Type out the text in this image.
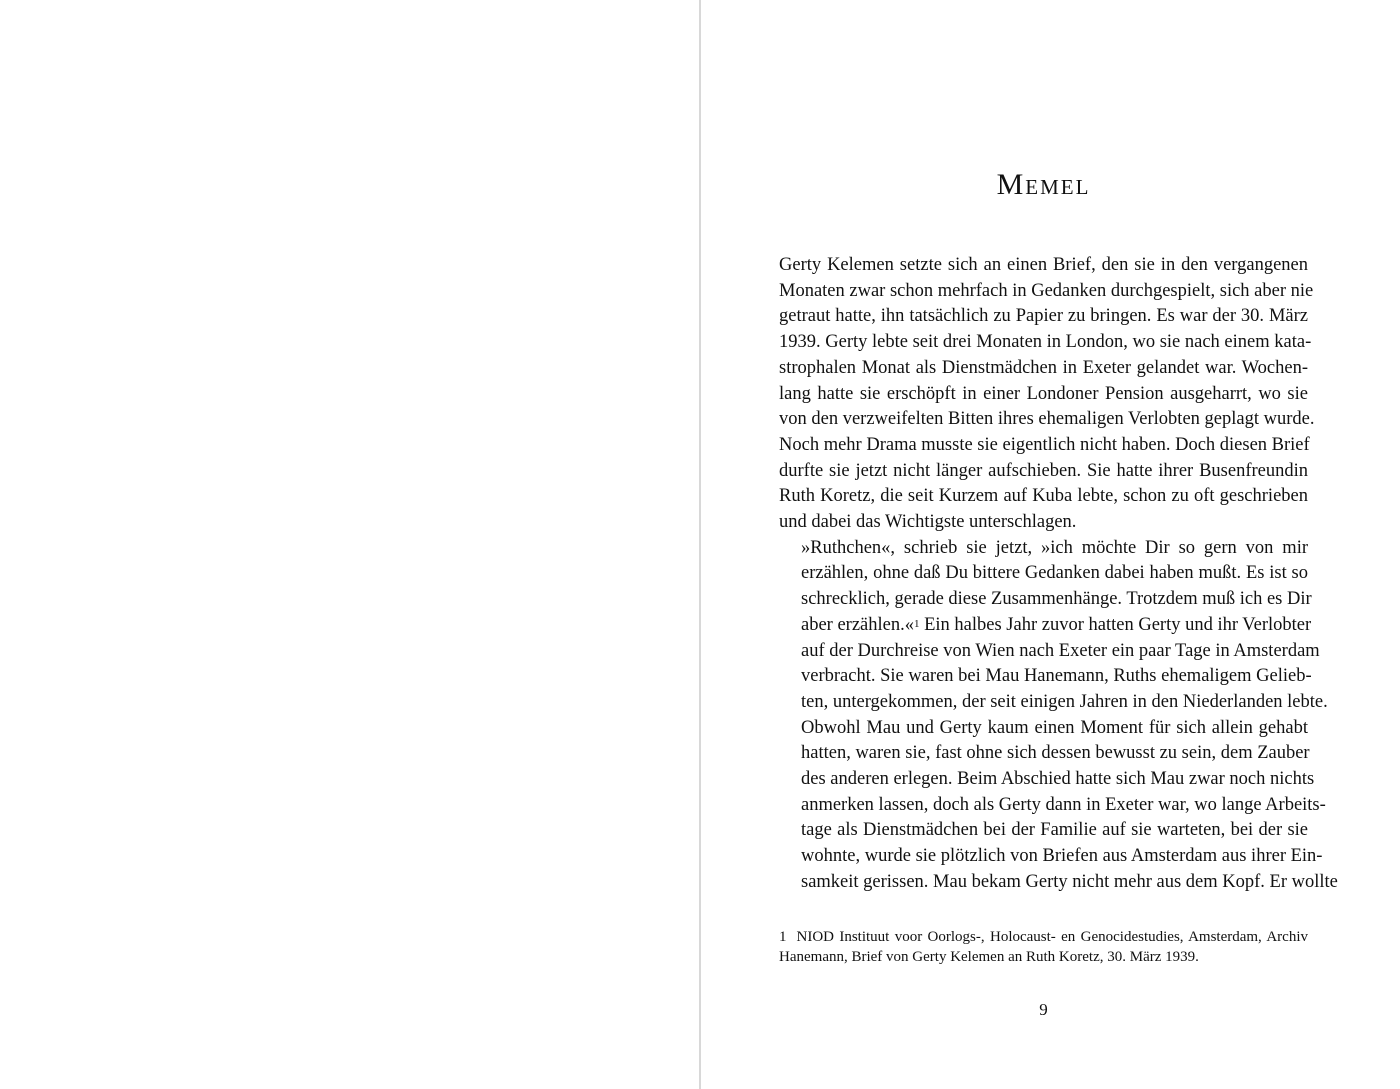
Memel

Gerty Kelemen setzte sich an einen Brief, den sie in den vergangenen
Monaten zwar schon mehrfach in Gedanken durchgespielt, sich aber nie
getraut hatte, ihn tatsächlich zu Papier zu bringen. Es war der 30. März
1939. Gerty lebte seit drei Monaten in London, wo sie nach einem kata-
strophalen Monat als Dienstmädchen in Exeter gelandet war. Wochen-
lang hatte sie erschöpft in einer Londoner Pension ausgeharrt, wo sie
von den verzweifelten Bitten ihres ehemaligen Verlobten geplagt wurde.
Noch mehr Drama musste sie eigentlich nicht haben. Doch diesen Brief
durfte sie jetzt nicht länger aufschieben. Sie hatte ihrer Busenfreundin
Ruth Koretz, die seit Kurzem auf Kuba lebte, schon zu oft geschrieben
und dabei das Wichtigste unterschlagen.

»Ruthchen«, schrieb sie jetzt, »ich möchte Dir so gern von mir
erzählen, ohne daß Du bittere Gedanken dabei haben mußt. Es ist so
schrecklich, gerade diese Zusammenhänge. Trotzdem muß ich es Dir
aber erzählen.«$^1$ Ein halbes Jahr zuvor hatten Gerty und ihr Verlobter
auf der Durchreise von Wien nach Exeter ein paar Tage in Amsterdam
verbracht. Sie waren bei Mau Hanemann, Ruths ehemaligem Gelieb-
ten, untergekommen, der seit einigen Jahren in den Niederlanden lebte.
Obwohl Mau und Gerty kaum einen Moment für sich allein gehabt
hatten, waren sie, fast ohne sich dessen bewusst zu sein, dem Zauber
des anderen erlegen. Beim Abschied hatte sich Mau zwar noch nichts
anmerken lassen, doch als Gerty dann in Exeter war, wo lange Arbeits-
tage als Dienstmädchen bei der Familie auf sie warteten, bei der sie
wohnte, wurde sie plötzlich von Briefen aus Amsterdam aus ihrer Ein-
samkeit gerissen. Mau bekam Gerty nicht mehr aus dem Kopf. Er wollte

1 NIOD Instituut voor Oorlogs-, Holocaust- en Genocidestudies, Amsterdam, Archiv
Hanemann, Brief von Gerty Kelemen an Ruth Koretz, 30. März 1939.
9
